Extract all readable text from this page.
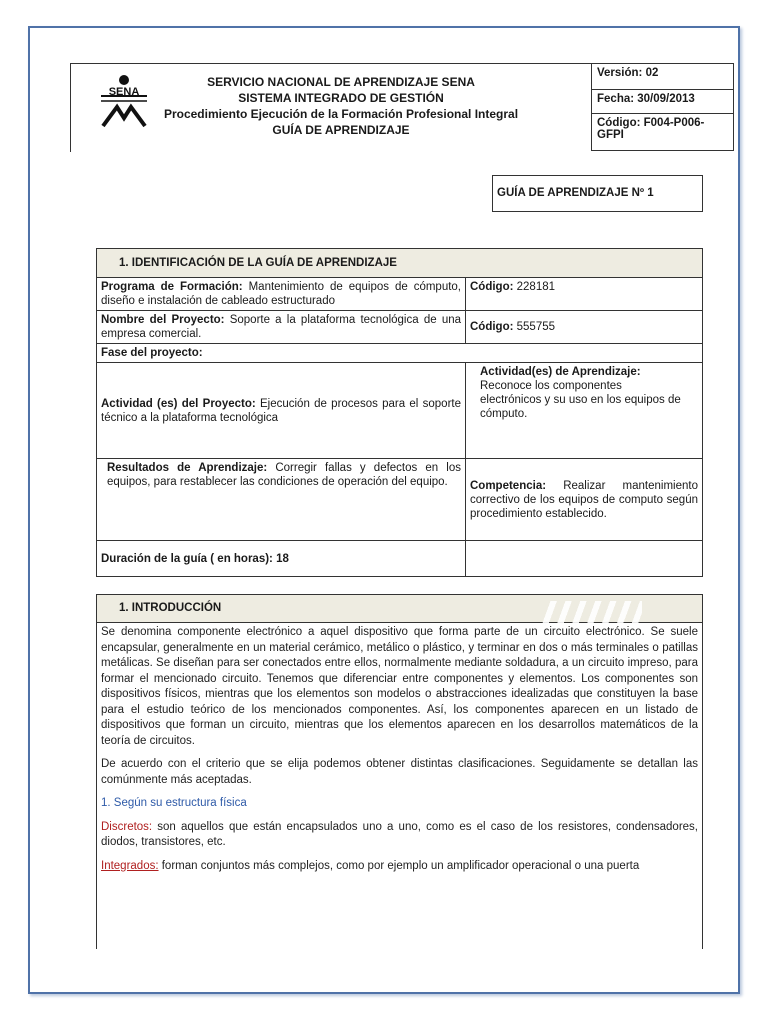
SENA
SERVICIO NACIONAL DE APRENDIZAJE SENA
SISTEMA INTEGRADO DE GESTIÓN
Procedimiento Ejecución de la Formación Profesional Integral
GUÍA DE APRENDIZAJE
Versión: 02
Fecha: 30/09/2013
Código: F004-P006-GFPI
GUÍA DE APRENDIZAJE Nº 1
1. IDENTIFICACIÓN DE LA GUÍA DE APRENDIZAJE	
Programa de Formación: Mantenimiento de equipos de cómputo, diseño e instalación de cableado estructurado	Código: 228181
Nombre del Proyecto: Soporte a la plataforma tecnológica de una empresa comercial.	Código: 555755
Fase del proyecto:	
Actividad (es) del Proyecto: Ejecución de procesos para el soporte técnico a la plataforma tecnológica	Actividad(es) de Aprendizaje:
Reconoce los componentes electrónicos y su uso en los equipos de cómputo.
Resultados de Aprendizaje: Corregir fallas y defectos en los equipos, para restablecer las condiciones de operación del equipo.	Competencia: Realizar mantenimiento correctivo de los equipos de computo según procedimiento establecido.
Duración de la guía ( en horas): 18	
1. INTRODUCCIÓN

Se denomina componente electrónico a aquel dispositivo que forma parte de un circuito electrónico. Se suele encapsular, generalmente en un material cerámico, metálico o plástico, y terminar en dos o más terminales o patillas metálicas. Se diseñan para ser conectados entre ellos, normalmente mediante soldadura, a un circuito impreso, para formar el mencionado circuito. Tenemos que diferenciar entre componentes y elementos. Los componentes son dispositivos físicos, mientras que los elementos son modelos o abstracciones idealizadas que constituyen la base para el estudio teórico de los mencionados componentes. Así, los componentes aparecen en un listado de dispositivos que forman un circuito, mientras que los elementos aparecen en los desarrollos matemáticos de la teoría de circuitos.

De acuerdo con el criterio que se elija podemos obtener distintas clasificaciones. Seguidamente se detallan las comúnmente más aceptadas.

1. Según su estructura física

Discretos: son aquellos que están encapsulados uno a uno, como es el caso de los resistores, condensadores, diodos, transistores, etc.

Integrados: forman conjuntos más complejos, como por ejemplo un amplificador operacional o una puerta
